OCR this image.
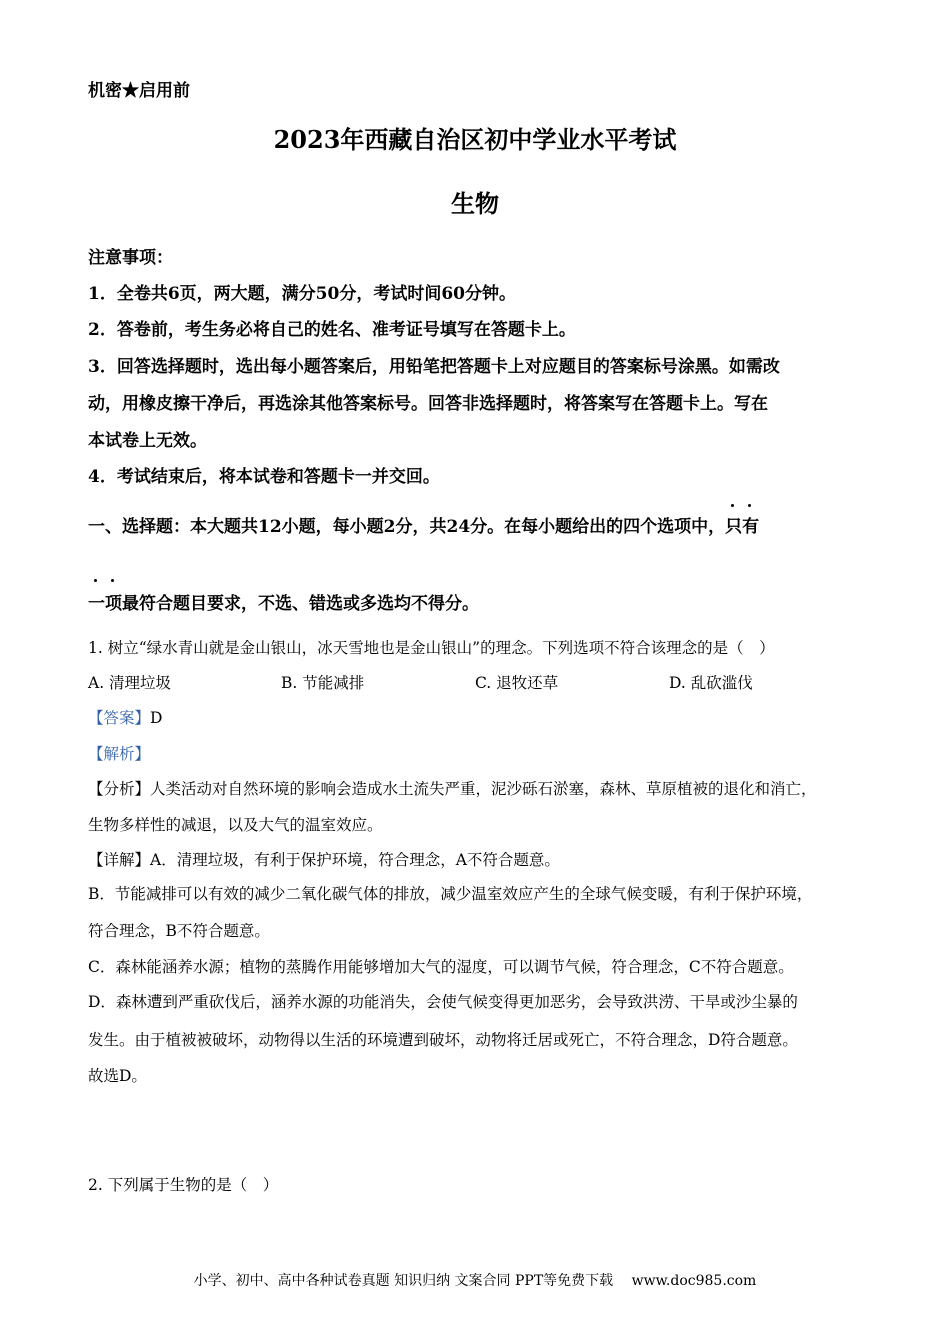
机密★启用前
2023年西藏自治区初中学业水平考试
生物
注意事项：
1．全卷共6页，两大题，满分50分，考试时间60分钟。
2．答卷前，考生务必将自己的姓名、准考证号填写在答题卡上。
3．回答选择题时，选出每小题答案后，用铅笔把答题卡上对应题目的答案标号涂黑。如需改
动，用橡皮擦干净后，再选涂其他答案标号。回答非选择题时，将答案写在答题卡上。写在
本试卷上无效。
4．考试结束后，将本试卷和答题卡一并交回。
一、选择题：本大题共12小题，每小题2分，共24分。在每小题给出的四个选项中，只有
一项
最符合题目要求，不选、错选或多选均不得分。
1. 树立“绿水青山就是金山银山，冰天雪地也是金山银山”的理念。下列选项不符合该理念的是（　）
A. 清理垃圾	B. 节能减排	C. 退牧还草	D. 乱砍滥伐
【答案】D
【解析】
【分析】人类活动对自然环境的影响会造成水土流失严重，泥沙砾石淤塞，森林、草原植被的退化和消亡，
生物多样性的减退，以及大气的温室效应。
【详解】A．清理垃圾，有利于保护环境，符合理念，A不符合题意。
B．节能减排可以有效的减少二氧化碳气体的排放，减少温室效应产生的全球气候变暖，有利于保护环境，
符合理念，B不符合题意。
C．森林能涵养水源；植物的蒸腾作用能够增加大气的湿度，可以调节气候，符合理念，C不符合题意。
D．森林遭到严重砍伐后，涵养水源的功能消失，会使气候变得更加恶劣，会导致洪涝、干旱或沙尘暴的
发生。由于植被被破坏，动物得以生活的环境遭到破坏，动物将迁居或死亡，不符合理念，D符合题意。
故选D。
2. 下列属于生物的是（　）
小学、初中、高中各种试卷真题 知识归纳 文案合同 PPT等免费下载　 www.doc985.com
